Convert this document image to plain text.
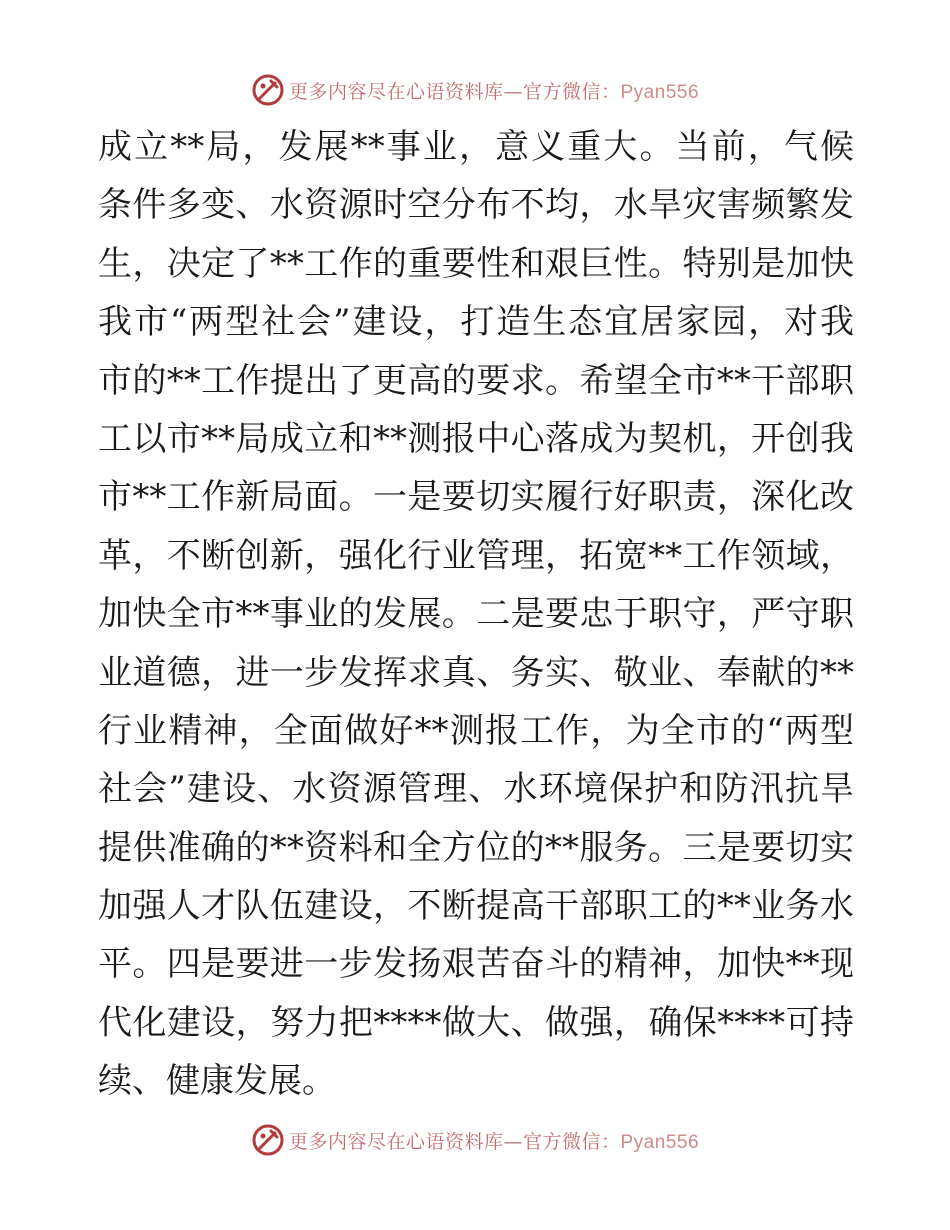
更多内容尽在心语资料库—官方微信：Pyan556
成立**局，发展**事业，意义重大。当前，气候
条件多变、水资源时空分布不均，水旱灾害频繁发
生，决定了**工作的重要性和艰巨性。特别是加快
我市“两型社会”建设，打造生态宜居家园，对我
市的**工作提出了更高的要求。希望全市**干部职
工以市**局成立和**测报中心落成为契机，开创我
市**工作新局面。一是要切实履行好职责，深化改
革，不断创新，强化行业管理，拓宽**工作领域，
加快全市**事业的发展。二是要忠于职守，严守职
业道德，进一步发挥求真、务实、敬业、奉献的**
行业精神，全面做好**测报工作，为全市的“两型
社会”建设、水资源管理、水环境保护和防汛抗旱
提供准确的**资料和全方位的**服务。三是要切实
加强人才队伍建设，不断提高干部职工的**业务水
平。四是要进一步发扬艰苦奋斗的精神，加快**现
代化建设，努力把****做大、做强，确保****可持
续、健康发展。
更多内容尽在心语资料库—官方微信：Pyan556
